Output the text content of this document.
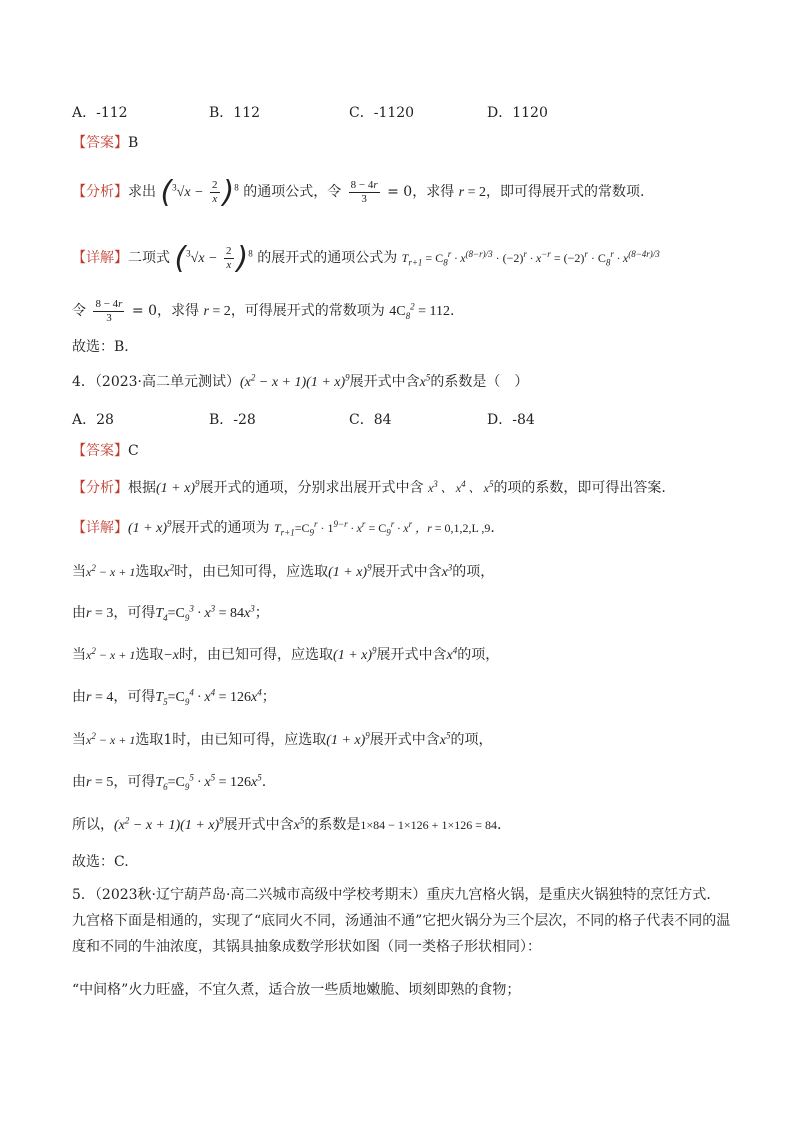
A．-112	B．112	C．-1120	D．1120
【答案】B
【分析】求出 $(^3√x - \frac{2}{x} )^8$ 的通项公式，令 $\frac{8 - 4r}{3} = 0$，求得 r = 2，即可得展开式的常数项.
【详解】二项式 $(^3√x - \frac{2}{x} )^8$ 的展开式的通项公式为 $T_{r+1} = C_8^r \cdot x^{(8-r)/3} \cdot (-2)^r \cdot x^{-r} = (-2)^r \cdot C_8^r \cdot x^{(8-4r)/3}$
令 $\frac{8 - 4r}{3} = 0$，求得 r = 2，可得展开式的常数项为 $4C_8^2 = 112$.
故选：B.
4．（2023·高二单元测试）$(x^2 - x + 1)(1 + x)^9$展开式中含$x^5$的系数是（　）
A．28	B．-28	C．84	D．-84
【答案】C
【分析】根据$(1 + x)^9$展开式的通项，分别求出展开式中含 $x^3$ 、 $x^4$ 、 $x^5$的项的系数，即可得出答案.
【详解】$(1 + x)^9$展开式的通项为 $T_{r+1}=C_9^r \cdot 1^{9-r} \cdot x^r = C_9^r \cdot x^r$ ，r = 0,1,2,L ,9.
当$x^2 - x + 1$选取$x^2$时，由已知可得，应选取$(1 + x)^9$展开式中含$x^3$的项，
由r = 3，可得$T_4=C_9^3 \cdot x^3 = 84x^3$；
当$x^2 - x + 1$选取−x时，由已知可得，应选取$(1 + x)^9$展开式中含$x^4$的项，
由r = 4，可得$T_5=C_9^4 \cdot x^4 = 126x^4$；
当$x^2 - x + 1$选取1时，由已知可得，应选取$(1 + x)^9$展开式中含$x^5$的项，
由r = 5，可得$T_6=C_9^5 \cdot x^5 = 126x^5$.
所以，$(x^2 - x + 1)(1 + x)^9$展开式中含$x^5$的系数是1×84 − 1×126 + 1×126 = 84.
故选：C.
5．（2023秋·辽宁葫芦岛·高二兴城市高级中学校考期末）重庆九宫格火锅，是重庆火锅独特的烹饪方式．九宫格下面是相通的，实现了“底同火不同，汤通油不通”它把火锅分为三个层次，不同的格子代表不同的温度和不同的牛油浓度，其锅具抽象成数学形状如图（同一类格子形状相同）：
“中间格”火力旺盛，不宜久煮，适合放一些质地嫩脆、顷刻即熟的食物；
